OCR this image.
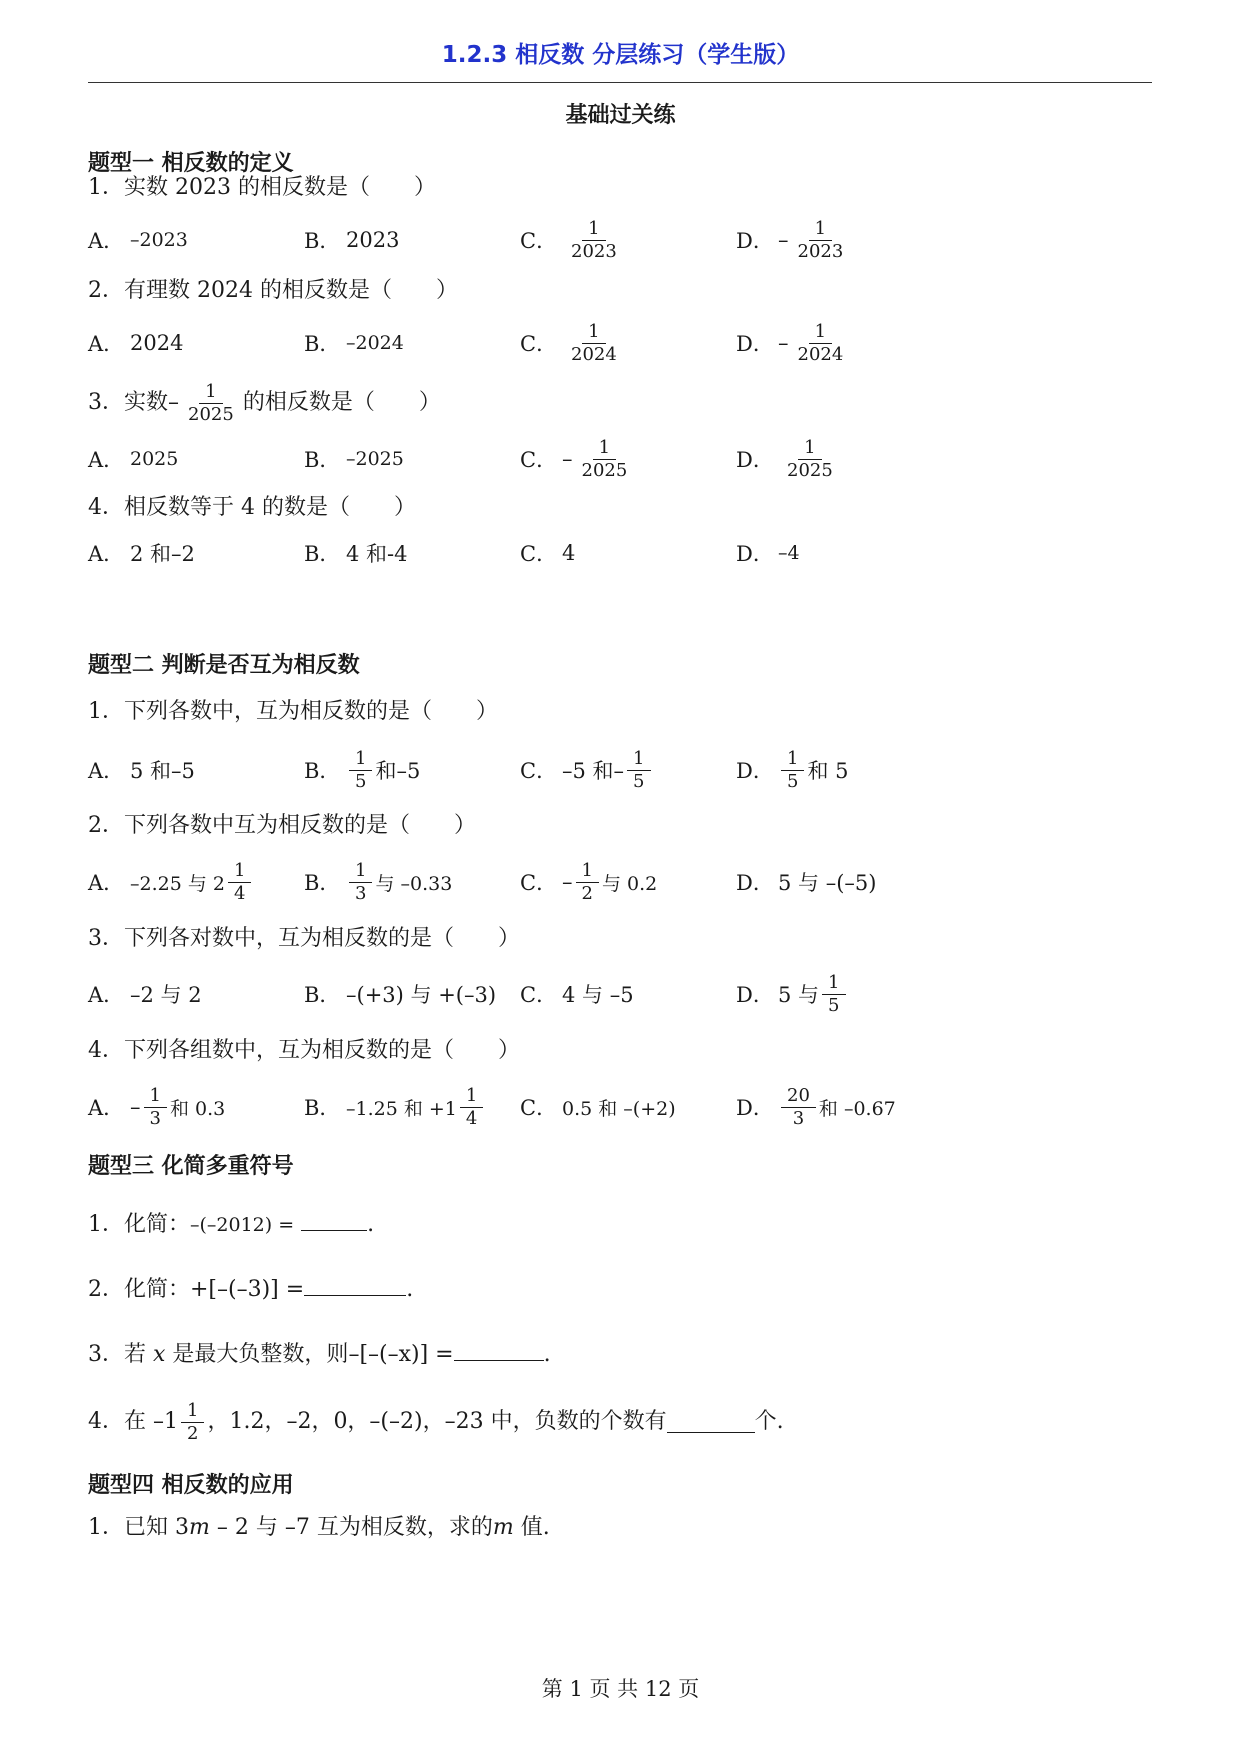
1.2.3 相反数 分层练习（学生版）
基础过关练
题型一 相反数的定义
1．实数 2023 的相反数是（　　）
A． –2023	B． 2023	C． $\frac{1}{2023}$	D． – $\frac{1}{2023}$
2．有理数 2024 的相反数是（　　）
A． 2024	B． –2024	C． $\frac{1}{2024}$	D． – $\frac{1}{2024}$
3．实数 – $\frac{1}{2025}$ 的相反数是（　　）
A． 2025	B． –2025	C． – $\frac{1}{2025}$	D． $\frac{1}{2025}$
4．相反数等于 4 的数是（　　）
A． 2 和–2	B． 4 和-4	C． 4	D． –4
题型二 判断是否互为相反数
1．下列各数中，互为相反数的是（　　）
A． 5 和–5	B． $\frac{1}{5}$ 和–5	C． –5 和– $\frac{1}{5}$	D． $\frac{1}{5}$ 和 5
2．下列各数中互为相反数的是（　　）
A． –2.25 与 $2 \frac{1}{4}$	B． $\frac{1}{3}$ 与 –0.33	C． – $\frac{1}{2}$ 与 0.2	D． 5 与 –(–5)
3．下列各对数中，互为相反数的是（　　）
A． –2 与 2	B． –(+3) 与 +(–3) C． 4 与 –5	D． 5 与 $\frac{1}{5}$
4．下列各组数中，互为相反数的是（　　）
A． – $\frac{1}{3}$ 和 0.3	B． –1.25 和 $+1 \frac{1}{4}$ C． 0.5 和 –(+2)	D． $\frac{20}{3}$ 和 –0.67
题型三 化简多重符号
1．化简：–(–2012) =	.
2．化简：+[–(–3)] =	.
3．若 x 是最大负整数，则–[–(–x)] =	.
4．在 $-1 \frac{1}{2}$ ，1.2，–2，0，–(–2)，–23 中，负数的个数有	个.
题型四 相反数的应用
1．已知 3m – 2 与 –7 互为相反数，求的m 值.
第 1 页 共 12 页
